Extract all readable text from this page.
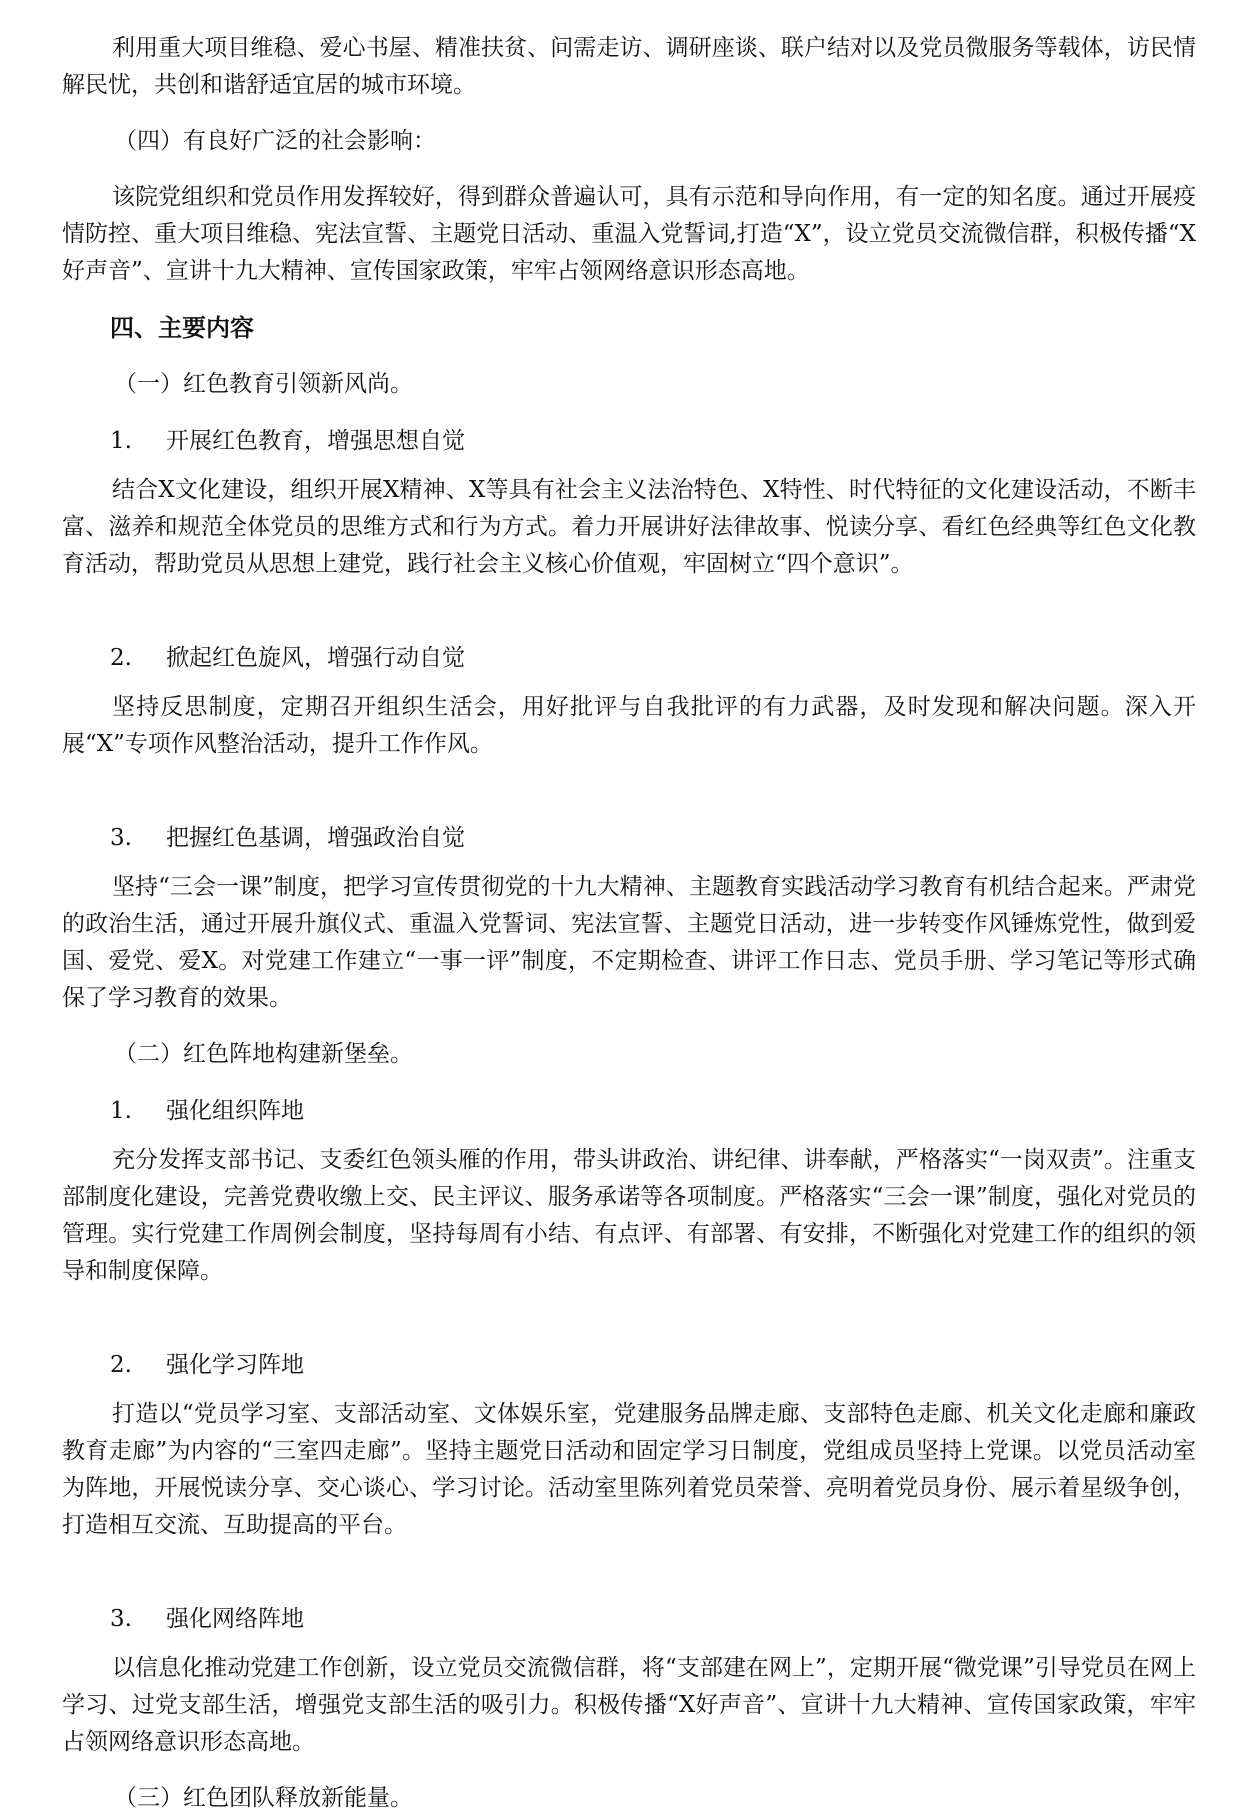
利用重大项目维稳、爱心书屋、精准扶贫、问需走访、调研座谈、联户结对以及党员微服务等载体，访民情解民忧，共创和谐舒适宜居的城市环境。

（四）有良好广泛的社会影响：

该院党组织和党员作用发挥较好，得到群众普遍认可，具有示范和导向作用，有一定的知名度。通过开展疫情防控、重大项目维稳、宪法宣誓、主题党日活动、重温入党誓词,打造“X”，设立党员交流微信群，积极传播“X好声音”、宣讲十九大精神、宣传国家政策，牢牢占领网络意识形态高地。

四、主要内容

（一）红色教育引领新风尚。

1. 开展红色教育，增强思想自觉

结合X文化建设，组织开展X精神、X等具有社会主义法治特色、X特性、时代特征的文化建设活动，不断丰富、滋养和规范全体党员的思维方式和行为方式。着力开展讲好法律故事、悦读分享、看红色经典等红色文化教育活动，帮助党员从思想上建党，践行社会主义核心价值观，牢固树立“四个意识”。

2. 掀起红色旋风，增强行动自觉

坚持反思制度，定期召开组织生活会，用好批评与自我批评的有力武器，及时发现和解决问题。深入开展“X”专项作风整治活动，提升工作作风。

3. 把握红色基调，增强政治自觉

坚持“三会一课”制度，把学习宣传贯彻党的十九大精神、主题教育实践活动学习教育有机结合起来。严肃党的政治生活，通过开展升旗仪式、重温入党誓词、宪法宣誓、主题党日活动，进一步转变作风锤炼党性，做到爱国、爱党、爱X。对党建工作建立“一事一评”制度，不定期检查、讲评工作日志、党员手册、学习笔记等形式确保了学习教育的效果。

（二）红色阵地构建新堡垒。

1. 强化组织阵地

充分发挥支部书记、支委红色领头雁的作用，带头讲政治、讲纪律、讲奉献，严格落实“一岗双责”。注重支部制度化建设，完善党费收缴上交、民主评议、服务承诺等各项制度。严格落实“三会一课”制度，强化对党员的管理。实行党建工作周例会制度，坚持每周有小结、有点评、有部署、有安排，不断强化对党建工作的组织的领导和制度保障。

2. 强化学习阵地

打造以“党员学习室、支部活动室、文体娱乐室，党建服务品牌走廊、支部特色走廊、机关文化走廊和廉政教育走廊”为内容的“三室四走廊”。坚持主题党日活动和固定学习日制度，党组成员坚持上党课。以党员活动室为阵地，开展悦读分享、交心谈心、学习讨论。活动室里陈列着党员荣誉、亮明着党员身份、展示着星级争创，打造相互交流、互助提高的平台。

3. 强化网络阵地

以信息化推动党建工作创新，设立党员交流微信群，将“支部建在网上”，定期开展“微党课”引导党员在网上学习、过党支部生活，增强党支部生活的吸引力。积极传播“X好声音”、宣讲十九大精神、宣传国家政策，牢牢占领网络意识形态高地。

（三）红色团队释放新能量。
